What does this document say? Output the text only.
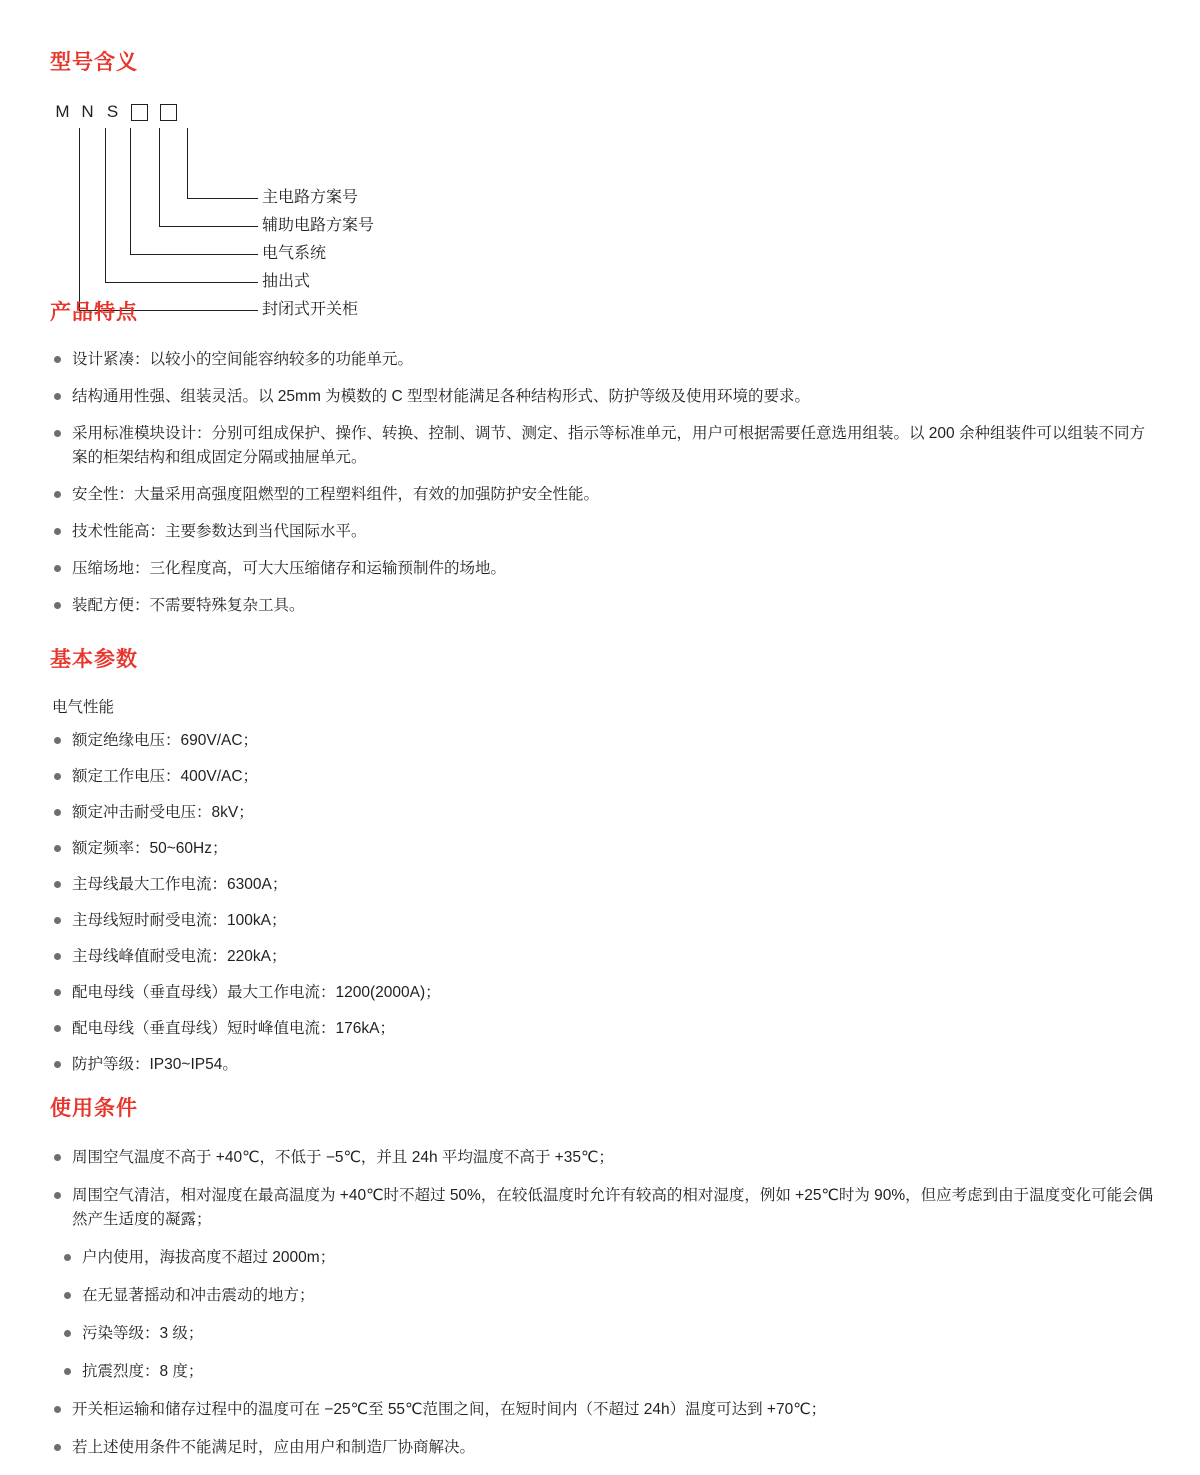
型号含义
M N S
主电路方案号
辅助电路方案号
电气系统
抽出式
封闭式开关柜
产品特点
设计紧凑：以较小的空间能容纳较多的功能单元。
结构通用性强、组装灵活。以 25mm 为模数的 C 型型材能满足各种结构形式、防护等级及使用环境的要求。
采用标准模块设计：分别可组成保护、操作、转换、控制、调节、测定、指示等标准单元，用户可根据需要任意选用组装。以 200 余种组装件可以组装不同方案的柜架结构和组成固定分隔或抽屉单元。
安全性：大量采用高强度阻燃型的工程塑料组件，有效的加强防护安全性能。
技术性能高：主要参数达到当代国际水平。
压缩场地：三化程度高，可大大压缩储存和运输预制件的场地。
装配方便：不需要特殊复杂工具。
基本参数
电气性能
额定绝缘电压：690V/AC；
额定工作电压：400V/AC；
额定冲击耐受电压：8kV；
额定频率：50~60Hz；
主母线最大工作电流：6300A；
主母线短时耐受电流：100kA；
主母线峰值耐受电流：220kA；
配电母线（垂直母线）最大工作电流：1200(2000A)；
配电母线（垂直母线）短时峰值电流：176kA；
防护等级：IP30~IP54。
使用条件
周围空气温度不高于 +40℃，不低于 −5℃，并且 24h 平均温度不高于 +35℃；
周围空气清洁，相对湿度在最高温度为 +40℃时不超过 50%，在较低温度时允许有较高的相对湿度，例如 +25℃时为 90%，但应考虑到由于温度变化可能会偶然产生适度的凝露；
户内使用，海拔高度不超过 2000m；
在无显著摇动和冲击震动的地方；
污染等级：3 级；
抗震烈度：8 度；
开关柜运输和储存过程中的温度可在 −25℃至 55℃范围之间，在短时间内（不超过 24h）温度可达到 +70℃；
若上述使用条件不能满足时，应由用户和制造厂协商解决。
